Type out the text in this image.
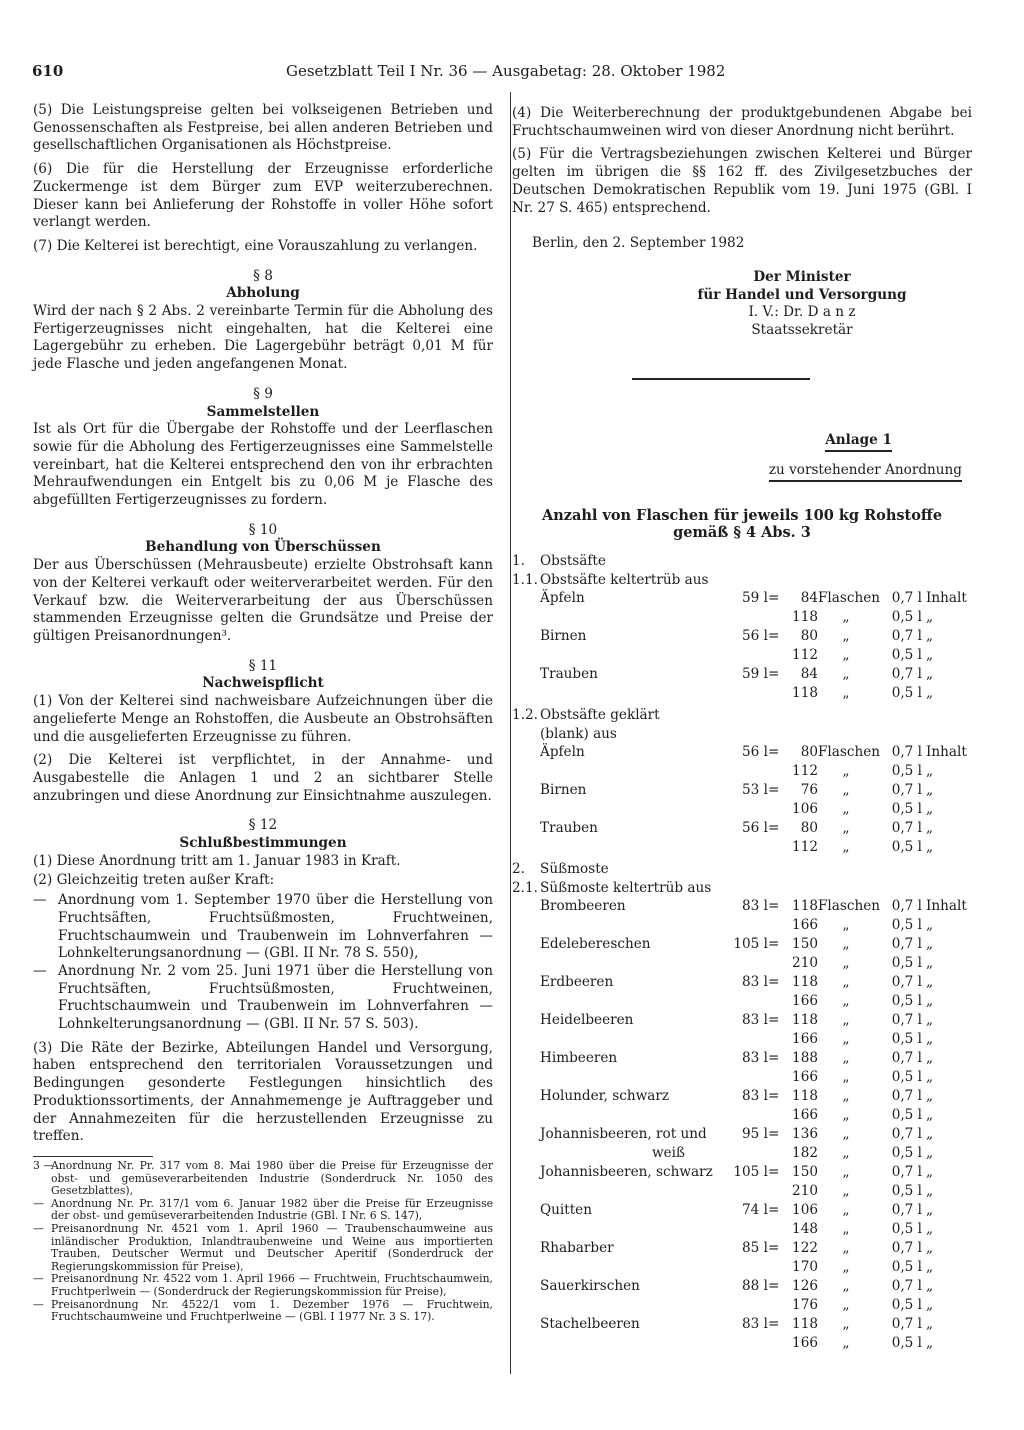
610	Gesetzblatt Teil I Nr. 36 — Ausgabetag: 28. Oktober 1982

(5) Die Leistungspreise gelten bei volkseigenen Betrieben und Genossenschaften als Festpreise, bei allen anderen Betrieben und gesellschaftlichen Organisationen als Höchstpreise.

(6) Die für die Herstellung der Erzeugnisse erforderliche Zuckermenge ist dem Bürger zum EVP weiterzuberechnen. Dieser kann bei Anlieferung der Rohstoffe in voller Höhe sofort verlangt werden.

(7) Die Kelterei ist berechtigt, eine Vorauszahlung zu verlangen.

§ 8
Abholung

Wird der nach § 2 Abs. 2 vereinbarte Termin für die Abholung des Fertigerzeugnisses nicht eingehalten, hat die Kelterei eine Lagergebühr zu erheben. Die Lagergebühr beträgt 0,01 M für jede Flasche und jeden angefangenen Monat.

§ 9
Sammelstellen

Ist als Ort für die Übergabe der Rohstoffe und der Leerflaschen sowie für die Abholung des Fertigerzeugnisses eine Sammelstelle vereinbart, hat die Kelterei entsprechend den von ihr erbrachten Mehraufwendungen ein Entgelt bis zu 0,06 M je Flasche des abgefüllten Fertigerzeugnisses zu fordern.

§ 10
Behandlung von Überschüssen

Der aus Überschüssen (Mehrausbeute) erzielte Obstrohsaft kann von der Kelterei verkauft oder weiterverarbeitet werden. Für den Verkauf bzw. die Weiterverarbeitung der aus Überschüssen stammenden Erzeugnisse gelten die Grundsätze und Preise der gültigen Preisanordnungen³.

§ 11
Nachweispflicht

(1) Von der Kelterei sind nachweisbare Aufzeichnungen über die angelieferte Menge an Rohstoffen, die Ausbeute an Obstrohsäften und die ausgelieferten Erzeugnisse zu führen.

(2) Die Kelterei ist verpflichtet, in der Annahme- und Ausgabestelle die Anlagen 1 und 2 an sichtbarer Stelle anzubringen und diese Anordnung zur Einsichtnahme auszulegen.

§ 12
Schlußbestimmungen

(1) Diese Anordnung tritt am 1. Januar 1983 in Kraft.

(2) Gleichzeitig treten außer Kraft:

— Anordnung vom 1. September 1970 über die Herstellung von Fruchtsäften, Fruchtsüßmosten, Fruchtweinen, Fruchtschaumwein und Traubenwein im Lohnverfahren — Lohnkelterungsanordnung — (GBl. II Nr. 78 S. 550),
— Anordnung Nr. 2 vom 25. Juni 1971 über die Herstellung von Fruchtsäften, Fruchtsüßmosten, Fruchtweinen, Fruchtschaumwein und Traubenwein im Lohnverfahren — Lohnkelterungsanordnung — (GBl. II Nr. 57 S. 503).

(3) Die Räte der Bezirke, Abteilungen Handel und Versorgung, haben entsprechend den territorialen Voraussetzungen und Bedingungen gesonderte Festlegungen hinsichtlich des Produktionssortiments, der Annahmemenge je Auftraggeber und der Annahmezeiten für die herzustellenden Erzeugnisse zu treffen.

3 —
Anordnung Nr. Pr. 317 vom 8. Mai 1980 über die Preise für Erzeugnisse der obst- und gemüseverarbeitenden Industrie (Sonderdruck Nr. 1050 des Gesetzblattes),

— Anordnung Nr. Pr. 317/1 vom 6. Januar 1982 über die Preise für Erzeugnisse der obst- und gemüseverarbeitenden Industrie (GBl. I Nr. 6 S. 147),

— Preisanordnung Nr. 4521 vom 1. April 1960 — Traubenschaumweine aus inländischer Produktion, Inlandtraubenweine und Weine aus importierten Trauben, Deutscher Wermut und Deutscher Aperitif (Sonderdruck der Regierungskommission für Preise),

— Preisanordnung Nr. 4522 vom 1. April 1966 — Fruchtwein, Fruchtschaumwein, Fruchtperlwein — (Sonderdruck der Regierungskommission für Preise),

— Preisanordnung Nr. 4522/1 vom 1. Dezember 1976 — Fruchtwein, Fruchtschaumweine und Fruchtperlweine — (GBl. I 1977 Nr. 3 S. 17).

(4) Die Weiterberechnung der produktgebundenen Abgabe bei Fruchtschaumweinen wird von dieser Anordnung nicht berührt.

(5) Für die Vertragsbeziehungen zwischen Kelterei und Bürger gelten im übrigen die §§ 162 ff. des Zivilgesetzbuches der Deutschen Demokratischen Republik vom 19. Juni 1975 (GBl. I Nr. 27 S. 465) entsprechend.

Berlin, den 2. September 1982
Der Minister
für Handel und Versorgung
I. V.: Dr. D a n z
Staatssekretär
Anlage 1
zu vorstehender Anordnung
Anzahl von Flaschen für jeweils 100 kg Rohstoffe
gemäß § 4 Abs. 3
1. Obstsäfte
1.1. Obstsäfte keltertrüb aus
Äpfeln	59 l =	84 Flaschen 0,7 l Inhalt
118	„	0,5 l „
Birnen	56 l =	80	„	0,7 l „
112	„	0,5 l „
Trauben	59 l =	84	„	0,7 l „
118	„	0,5 l „
1.2. Obstsäfte geklärt
(blank) aus
Äpfeln	56 l =	80 Flaschen 0,7 l Inhalt
112	„	0,5 l „
Birnen	53 l =	76	„	0,7 l „
106	„	0,5 l „
Trauben	56 l =	80	„	0,7 l „
112	„	0,5 l „
2. Süßmoste
2.1. Süßmoste keltertrüb aus
Brombeeren	83 l = 118 Flaschen 0,7 l Inhalt
166	„	0,5 l „
Edelebereschen	105 l = 150	„	0,7 l „
210	„	0,5 l „
Erdbeeren	83 l = 118	„	0,7 l „
166	„	0,5 l „
Heidelbeeren	83 l = 118	„	0,7 l „
166	„	0,5 l „
Himbeeren	83 l = 188	„	0,7 l „
166	„	0,5 l „
Holunder, schwarz	83 l = 118	„	0,7 l „
166	„	0,5 l „
Johannisbeeren, rot und	95 l = 136	„	0,7 l „
weiß	182	„	0,5 l „
Johannisbeeren, schwarz	105 l = 150	„	0,7 l „
210	„	0,5 l „
Quitten	74 l = 106	„	0,7 l „
148	„	0,5 l „
Rhabarber	85 l = 122	„	0,7 l „
170	„	0,5 l „
Sauerkirschen	88 l = 126	„	0,7 l „
176	„	0,5 l „
Stachelbeeren	83 l = 118	„	0,7 l „
166	„	0,5 l „
